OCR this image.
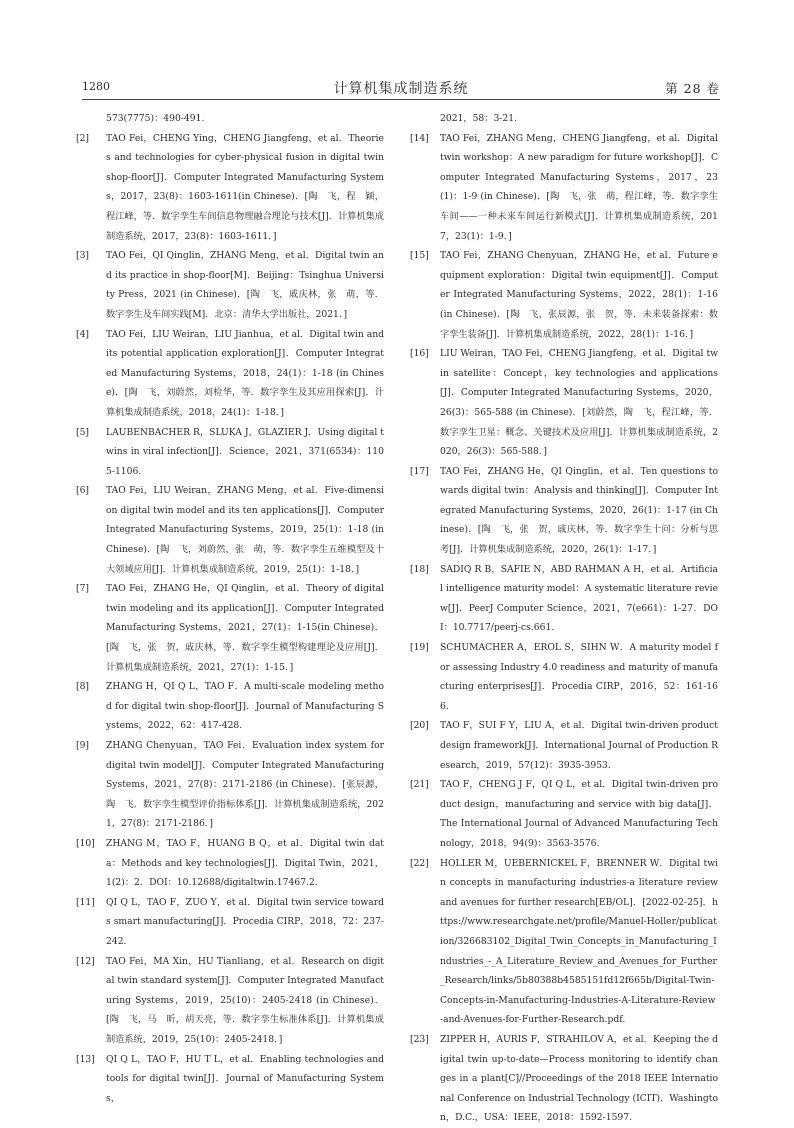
1280	计算机集成制造系统	第 28 卷
573(7775)：490-491.
[2]	TAO Fei，CHENG Ying，CHENG Jiangfeng，et al．Theories and technologies for cyber-physical fusion in digital twin shop-floor[J]．Computer Integrated Manufacturing Systems，2017，23(8)：1603-1611(in Chinese)．[陶　飞，程　颖，程江峰，等．数字孪生车间信息物理融合理论与技术[J]．计算机集成制造系统，2017，23(8)：1603-1611．]
[3]	TAO Fei，QI Qinglin，ZHANG Meng，et al．Digital twin and its practice in shop-floor[M]．Beijing：Tsinghua University Press，2021 (in Chinese)．[陶　飞，戚庆林，张　萌，等．数字孪生及车间实践[M]．北京：清华大学出版社，2021．]
[4]	TAO Fei，LIU Weiran，LIU Jianhua，et al．Digital twin and its potential application exploration[J]．Computer Integrated Manufacturing Systems，2018，24(1)：1-18 (in Chinese)．[陶　飞，刘蔚然，刘检华，等．数字孪生及其应用探索[J]．计算机集成制造系统，2018，24(1)：1-18．]
[5]	LAUBENBACHER R，SLUKA J，GLAZIER J．Using digital twins in viral infection[J]．Science，2021，371(6534)：1105-1106.
[6]	TAO Fei，LIU Weiran，ZHANG Meng，et al．Five-dimension digital twin model and its ten applications[J]．Computer Integrated Manufacturing Systems，2019，25(1)：1-18 (in Chinese)．[陶　飞，刘蔚然，张　萌，等．数字孪生五维模型及十大领域应用[J]．计算机集成制造系统，2019，25(1)：1-18．]
[7]	TAO Fei，ZHANG He，QI Qinglin，et al．Theory of digital twin modeling and its application[J]．Computer Integrated Manufacturing Systems，2021，27(1)：1-15(in Chinese)．[陶　飞，张　贺，戚庆林，等．数字孪生模型构建理论及应用[J]．计算机集成制造系统，2021，27(1)：1-15．]
[8]	ZHANG H，QI Q L，TAO F．A multi-scale modeling method for digital twin shop-floor[J]．Journal of Manufacturing Systems，2022，62：417-428.
[9]	ZHANG Chenyuan，TAO Fei．Evaluation index system for digital twin model[J]．Computer Integrated Manufacturing Systems，2021，27(8)：2171-2186 (in Chinese)．[张辰源，陶　飞．数字孪生模型评价指标体系[J]．计算机集成制造系统，2021，27(8)：2171-2186．]
[10]	ZHANG M，TAO F，HUANG B Q，et al．Digital twin data：Methods and key technologies[J]．Digital Twin，2021，1(2)：2．DOI：10.12688/digitaltwin.17467.2.
[11]	QI Q L，TAO F，ZUO Y，et al．Digital twin service towards smart manufacturing[J]．Procedia CIRP，2018，72：237-242.
[12]	TAO Fei，MA Xin，HU Tianliang，et al．Research on digital twin standard system[J]．Computer Integrated Manufacturing Systems，2019，25(10)：2405-2418 (in Chinese)．[陶　飞，马　昕，胡天亮，等．数字孪生标准体系[J]．计算机集成制造系统，2019，25(10)：2405-2418．]
[13]	QI Q L，TAO F，HU T L，et al．Enabling technologies and tools for digital twin[J]．Journal of Manufacturing Systems，
2021，58：3-21.
[14]	TAO Fei，ZHANG Meng，CHENG Jiangfeng，et al．Digital twin workshop：A new paradigm for future workshop[J]．Computer Integrated Manufacturing Systems，2017，23(1)：1-9 (in Chinese)．[陶　飞，张　萌，程江峰，等．数字孪生车间——一种未来车间运行新模式[J]．计算机集成制造系统，2017，23(1)：1-9．]
[15]	TAO Fei，ZHANG Chenyuan，ZHANG He，et al．Future equipment exploration：Digital twin equipment[J]．Computer Integrated Manufacturing Systems，2022，28(1)：1-16 (in Chinese)．[陶　飞，张辰源，张　贺，等．未来装备探索：数字孪生装备[J]．计算机集成制造系统，2022，28(1)：1-16．]
[16]	LIU Weiran，TAO Fei，CHENG Jiangfeng，et al．Digital twin satellite：Concept，key technologies and applications[J]．Computer Integrated Manufacturing Systems，2020，26(3)：565-588 (in Chinese)．[刘蔚然，陶　飞，程江峰，等．数字孪生卫星：概念、关键技术及应用[J]．计算机集成制造系统，2020，26(3)：565-588．]
[17]	TAO Fei，ZHANG He，QI Qinglin，et al．Ten questions towards digital twin：Analysis and thinking[J]．Computer Integrated Manufacturing Systems，2020，26(1)：1-17 (in Chinese)．[陶　飞，张　贺，戚庆林，等．数字孪生十问：分析与思考[J]．计算机集成制造系统，2020，26(1)：1-17．]
[18]	SADIQ R B，SAFIE N，ABD RAHMAN A H，et al．Artificial intelligence maturity model：A systematic literature review[J]．PeerJ Computer Science，2021，7(e661)：1-27．DOI：10.7717/peerj-cs.661.
[19]	SCHUMACHER A，EROL S，SIHN W．A maturity model for assessing Industry 4.0 readiness and maturity of manufacturing enterprises[J]．Procedia CIRP，2016，52：161-166.
[20]	TAO F，SUI F Y，LIU A，et al．Digital twin-driven product design framework[J]．International Journal of Production Research，2019，57(12)：3935-3953.
[21]	TAO F，CHENG J F，QI Q L，et al．Digital twin-driven product design，manufacturing and service with big data[J]．The International Journal of Advanced Manufacturing Technology，2018，94(9)：3563-3576.
[22]	HOLLER M，UEBERNICKEL F，BRENNER W．Digital twin concepts in manufacturing industries-a literature review and avenues for further research[EB/OL]．[2022-02-25]．https://www.researchgate.net/profile/Manuel-Holler/publication/326683102_Digital_Twin_Concepts_in_Manufacturing_Industries_-_A_Literature_Review_and_Avenues_for_Further_Research/links/5b80388b4585151fd12f665b/Digital-Twin-Concepts-in-Manufacturing-Industries-A-Literature-Review-and-Avenues-for-Further-Research.pdf.
[23]	ZIPPER H，AURIS F，STRAHILOV A，et al．Keeping the digital twin up-to-date—Process monitoring to identify changes in a plant[C]//Proceedings of the 2018 IEEE International Conference on Industrial Technology (ICIT)．Washington，D.C.，USA：IEEE，2018：1592-1597.
